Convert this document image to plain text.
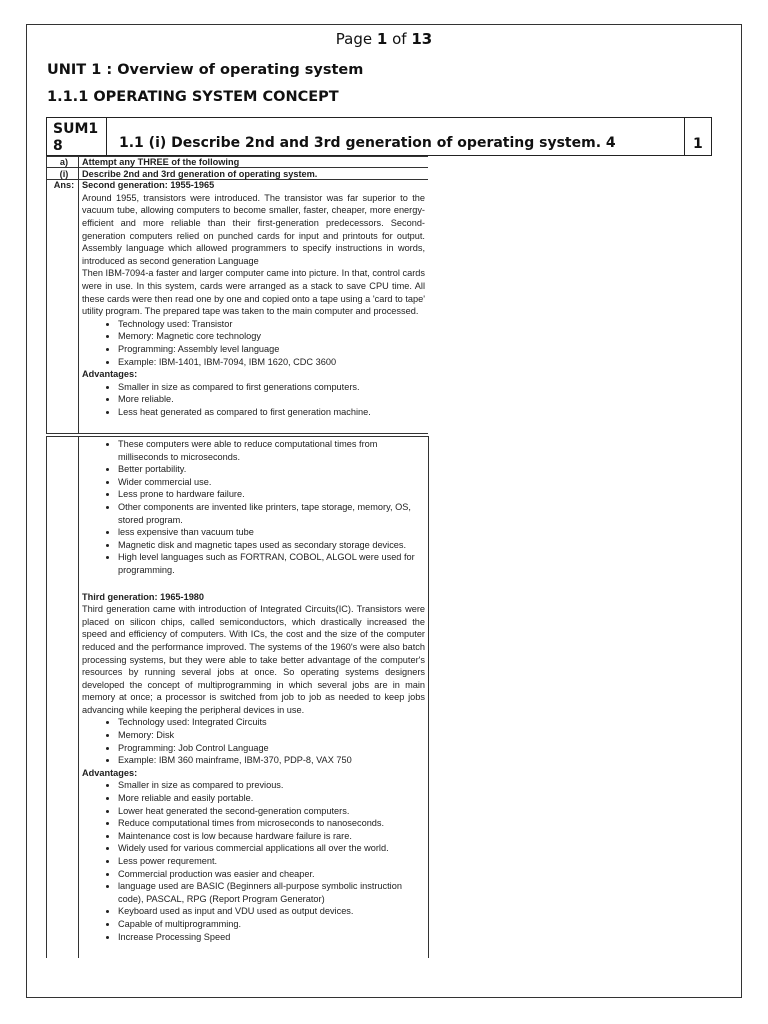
Page 1 of 13
UNIT 1 : Overview of operating system
1.1.1 OPERATING SYSTEM CONCEPT
SUM1
8	1.1 (i) Describe 2nd and 3rd generation of operating system. 4	1
a)
(i)
Ans:
Attempt any THREE of the following
Describe 2nd and 3rd generation of operating system.
Second generation: 1955-1965

Around 1955, transistors were introduced. The transistor was far superior to the vacuum tube, allowing computers to become smaller, faster, cheaper, more energy-efficient and more reliable than their first-generation predecessors. Second-generation computers relied on punched cards for input and printouts for output. Assembly language which allowed programmers to specify instructions in words, introduced as second generation Language

Then IBM-7094-a faster and larger computer came into picture. In that, control cards were in use. In this system, cards were arranged as a stack to save CPU time. All these cards were then read one by one and copied onto a tape using a 'card to tape' utility program. The prepared tape was taken to the main computer and processed.

• Technology used: Transistor
• Memory: Magnetic core technology
• Programming: Assembly level language
• Example: IBM-1401, IBM-7094, IBM 1620, CDC 3600
Advantages:
• Smaller in size as compared to first generations computers.
• More reliable.
• Less heat generated as compared to first generation machine.
• These computers were able to reduce computational times from milliseconds to microseconds.
• Better portability.
• Wider commercial use.
• Less prone to hardware failure.
• Other components are invented like printers, tape storage, memory, OS, stored program.
• less expensive than vacuum tube
• Magnetic disk and magnetic tapes used as secondary storage devices.
• High level languages such as FORTRAN, COBOL, ALGOL were used for programming.
Third generation: 1965-1980

Third generation came with introduction of Integrated Circuits(IC). Transistors were placed on silicon chips, called semiconductors, which drastically increased the speed and efficiency of computers. With ICs, the cost and the size of the computer reduced and the performance improved. The systems of the 1960's were also batch processing systems, but they were able to take better advantage of the computer's resources by running several jobs at once. So operating systems designers developed the concept of multiprogramming in which several jobs are in main memory at once; a processor is switched from job to job as needed to keep jobs advancing while keeping the peripheral devices in use.

• Technology used: Integrated Circuits
• Memory: Disk
• Programming: Job Control Language
• Example: IBM 360 mainframe, IBM-370, PDP-8, VAX 750
Advantages:
• Smaller in size as compared to previous.
• More reliable and easily portable.
• Lower heat generated the second-generation computers.
• Reduce computational times from microseconds to nanoseconds.
• Maintenance cost is low because hardware failure is rare.
• Widely used for various commercial applications all over the world.
• Less power requrement.
• Commercial production was easier and cheaper.
• language used are BASIC (Beginners all-purpose symbolic instruction code), PASCAL, RPG (Report Program Generator)
• Keyboard used as input and VDU used as output devices.
• Capable of multiprogramming.
• Increase Processing Speed
